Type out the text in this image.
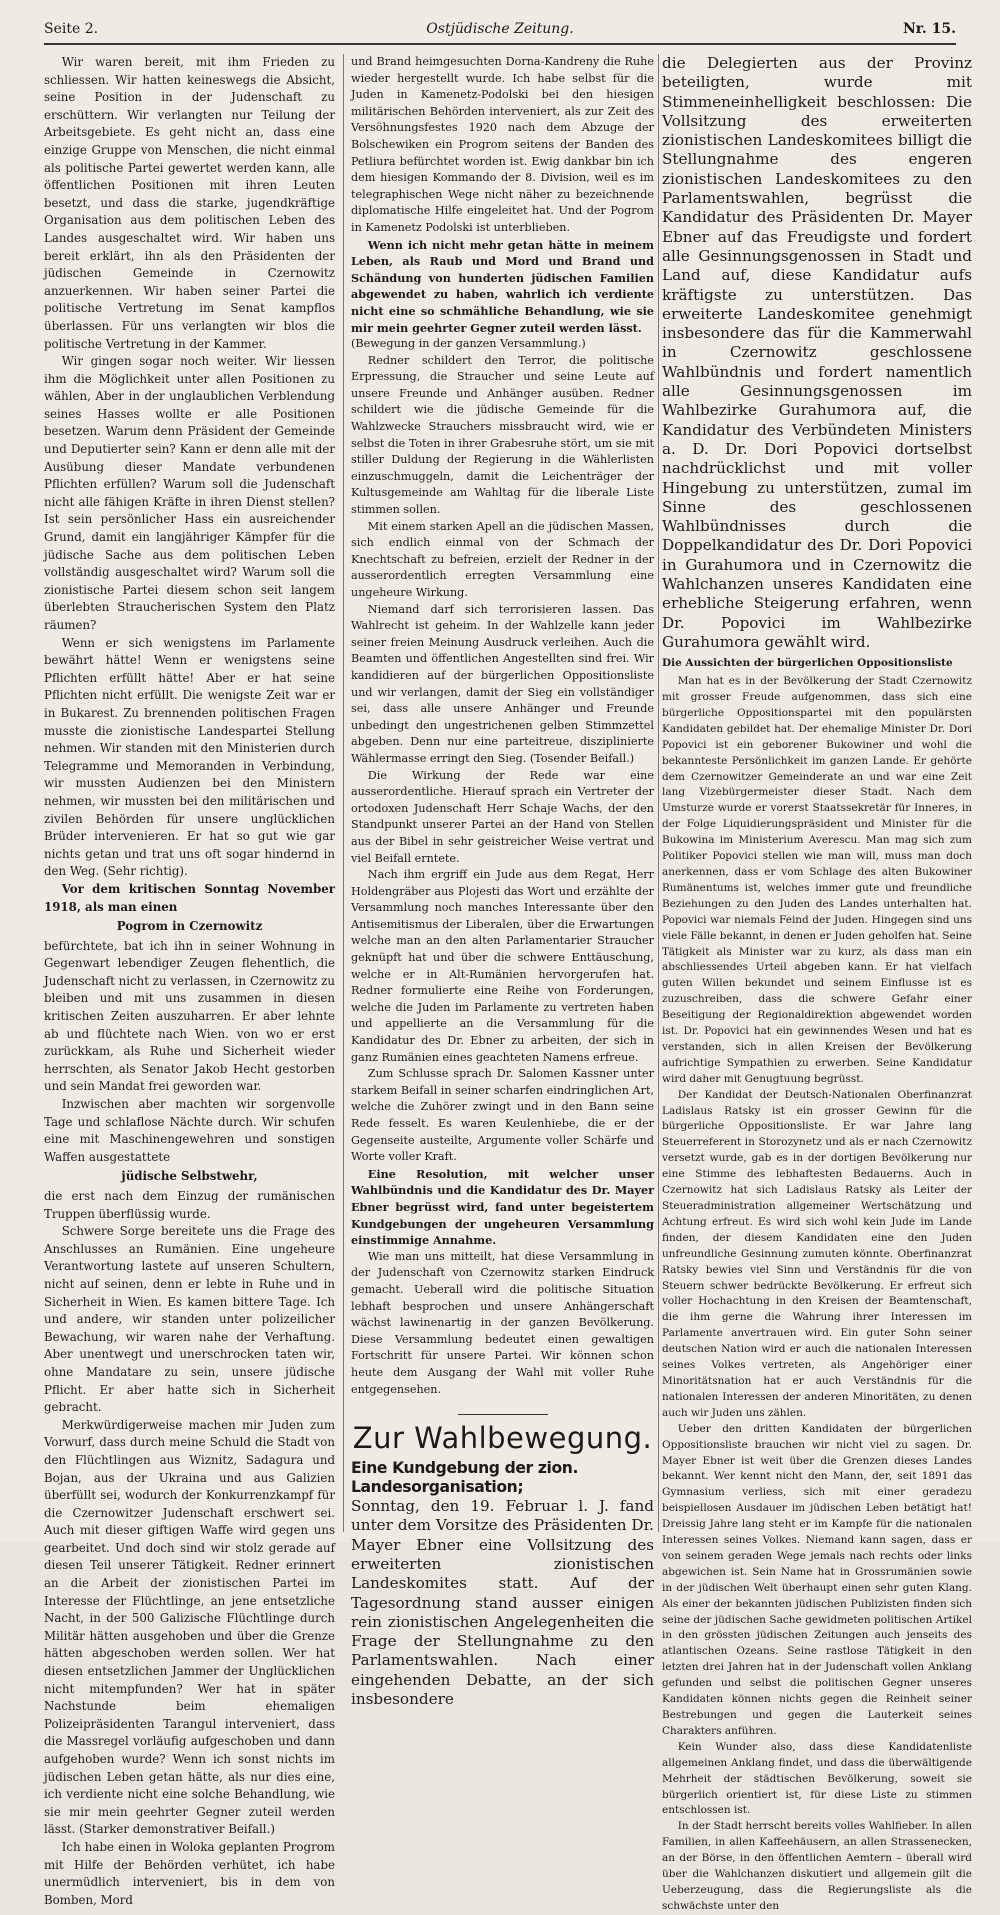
Seite 2.	Ostjüdische Zeitung.	Nr. 15.

Wir waren bereit, mit ihm Frieden zu schliessen. Wir hatten keineswegs die Absicht, seine Position in der Judenschaft zu erschüttern. Wir verlangten nur Teilung der Arbeitsgebiete. Es geht nicht an, dass eine einzige Gruppe von Menschen, die nicht einmal als politische Partei gewertet werden kann, alle öffentlichen Positionen mit ihren Leuten besetzt, und dass die starke, jugendkräftige Organisation aus dem politischen Leben des Landes ausgeschaltet wird. Wir haben uns bereit erklärt, ihn als den Präsidenten der jüdischen Gemeinde in Czernowitz anzuerkennen. Wir haben seiner Partei die politische Vertretung im Senat kampflos überlassen. Für uns verlangten wir blos die politische Vertretung in der Kammer.

Wir gingen sogar noch weiter. Wir liessen ihm die Möglichkeit unter allen Positionen zu wählen, Aber in der unglaublichen Verblendung seines Hasses wollte er alle Positionen besetzen. Warum denn Präsident der Gemeinde und Deputierter sein? Kann er denn alle mit der Ausübung dieser Mandate verbundenen Pflichten erfüllen? Warum soll die Judenschaft nicht alle fähigen Kräfte in ihren Dienst stellen? Ist sein persönlicher Hass ein ausreichender Grund, damit ein langjähriger Kämpfer für die jüdische Sache aus dem politischen Leben vollständig ausgeschaltet wird? Warum soll die zionistische Partei diesem schon seit langem überlebten Straucherischen System den Platz räumen?

Wenn er sich wenigstens im Parlamente bewährt hätte! Wenn er wenigstens seine Pflichten erfüllt hätte! Aber er hat seine Pflichten nicht erfüllt. Die wenigste Zeit war er in Bukarest. Zu brennenden politischen Fragen musste die zionistische Landespartei Stellung nehmen. Wir standen mit den Ministerien durch Telegramme und Memoranden in Verbindung, wir mussten Audienzen bei den Ministern nehmen, wir mussten bei den militärischen und zivilen Behörden für unsere unglücklichen Brüder intervenieren. Er hat so gut wie gar nichts getan und trat uns oft sogar hindernd in den Weg. (Sehr richtig).

Vor dem kritischen Sonntag November 1918, als man einen

Pogrom in Czernowitz

befürchtete, bat ich ihn in seiner Wohnung in Gegenwart lebendiger Zeugen flehentlich, die Judenschaft nicht zu verlassen, in Czernowitz zu bleiben und mit uns zusammen in diesen kritischen Zeiten auszuharren. Er aber lehnte ab und flüchtete nach Wien. von wo er erst zurückkam, als Ruhe und Sicherheit wieder herrschten, als Senator Jakob Hecht gestorben und sein Mandat frei geworden war.

Inzwischen aber machten wir sorgenvolle Tage und schlaflose Nächte durch. Wir schufen eine mit Maschinengewehren und sonstigen Waffen ausgestattete

jüdische Selbstwehr,

die erst nach dem Einzug der rumänischen Truppen überflüssig wurde.

Schwere Sorge bereitete uns die Frage des Anschlusses an Rumänien. Eine ungeheure Verantwortung lastete auf unseren Schultern, nicht auf seinen, denn er lebte in Ruhe und in Sicherheit in Wien. Es kamen bittere Tage. Ich und andere, wir standen unter polizeilicher Bewachung, wir waren nahe der Verhaftung. Aber unentwegt und unerschrocken taten wir, ohne Mandatare zu sein, unsere jüdische Pflicht. Er aber hatte sich in Sicherheit gebracht.

Merkwürdigerweise machen mir Juden zum Vorwurf, dass durch meine Schuld die Stadt von den Flüchtlingen aus Wiznitz, Sadagura und Bojan, aus der Ukraina und aus Galizien überfüllt sei, wodurch der Konkurrenzkampf für die Czernowitzer Judenschaft erschwert sei. Auch mit dieser giftigen Waffe wird gegen uns gearbeitet. Und doch sind wir stolz gerade auf diesen Teil unserer Tätigkeit. Redner erinnert an die Arbeit der zionistischen Partei im Interesse der Flüchtlinge, an jene entsetzliche Nacht, in der 500 Galizische Flüchtlinge durch Militär hätten ausgehoben und über die Grenze hätten abgeschoben werden sollen. Wer hat diesen entsetzlichen Jammer der Unglücklichen nicht mitempfunden? Wer hat in später Nachstunde beim ehemaligen Polizeipräsidenten Tarangul interveniert, dass die Massregel vorläufig aufgeschoben und dann aufgehoben wurde? Wenn ich sonst nichts im jüdischen Leben getan hätte, als nur dies eine, ich verdiente nicht eine solche Behandlung, wie sie mir mein geehrter Gegner zuteil werden lässt. (Starker demonstrativer Beifall.)

Ich habe einen in Woloka geplanten Progrom mit Hilfe der Behörden verhütet, ich habe unermüdlich interveniert, bis in dem von Bomben, Mord

und Brand heimgesuchten Dorna-Kandreny die Ruhe wieder hergestellt wurde. Ich habe selbst für die Juden in Kamenetz-Podolski bei den hiesigen militärischen Behörden interveniert, als zur Zeit des Versöhnungsfestes 1920 nach dem Abzuge der Bolschewiken ein Progrom seitens der Banden des Petliura befürchtet worden ist. Ewig dankbar bin ich dem hiesigen Kommando der 8. Division, weil es im telegraphischen Wege nicht näher zu bezeichnende diplomatische Hilfe eingeleitet hat. Und der Pogrom in Kamenetz Podolski ist unterblieben.

Wenn ich nicht mehr getan hätte in meinem Leben, als Raub und Mord und Brand und Schändung von hunderten jüdischen Familien abgewendet zu haben, wahrlich ich verdiente nicht eine so schmähliche Behandlung, wie sie mir mein geehrter Gegner zuteil werden lässt.

(Bewegung in der ganzen Versammlung.)

Redner schildert den Terror, die politische Erpressung, die Straucher und seine Leute auf unsere Freunde und Anhänger ausüben. Redner schildert wie die jüdische Gemeinde für die Wahlzwecke Strauchers missbraucht wird, wie er selbst die Toten in ihrer Grabesruhe stört, um sie mit stiller Duldung der Regierung in die Wählerlisten einzuschmuggeln, damit die Leichenträger der Kultusgemeinde am Wahltag für die liberale Liste stimmen sollen.

Mit einem starken Apell an die jüdischen Massen, sich endlich einmal von der Schmach der Knechtschaft zu befreien, erzielt der Redner in der ausserordentlich erregten Versammlung eine ungeheure Wirkung.

Niemand darf sich terrorisieren lassen. Das Wahlrecht ist geheim. In der Wahlzelle kann jeder seiner freien Meinung Ausdruck verleihen. Auch die Beamten und öffentlichen Angestellten sind frei. Wir kandidieren auf der bürgerlichen Oppositionsliste und wir verlangen, damit der Sieg ein vollständiger sei, dass alle unsere Anhänger und Freunde unbedingt den ungestrichenen gelben Stimmzettel abgeben. Denn nur eine parteitreue, disziplinierte Wählermasse erringt den Sieg. (Tosender Beifall.)

Die Wirkung der Rede war eine ausserordentliche. Hierauf sprach ein Vertreter der ortodoxen Judenschaft Herr Schaje Wachs, der den Standpunkt unserer Partei an der Hand von Stellen aus der Bibel in sehr geistreicher Weise vertrat und viel Beifall erntete.

Nach ihm ergriff ein Jude aus dem Regat, Herr Holdengräber aus Plojesti das Wort und erzählte der Versammlung noch manches Interessante über den Antisemitismus der Liberalen, über die Erwartungen welche man an den alten Parlamentarier Straucher geknüpft hat und über die schwere Enttäuschung, welche er in Alt-Rumänien hervorgerufen hat. Redner formulierte eine Reihe von Forderungen, welche die Juden im Parlamente zu vertreten haben und appellierte an die Versammlung für die Kandidatur des Dr. Ebner zu arbeiten, der sich in ganz Rumänien eines geachteten Namens erfreue.

Zum Schlusse sprach Dr. Salomen Kassner unter starkem Beifall in seiner scharfen eindringlichen Art, welche die Zuhörer zwingt und in den Bann seine Rede fesselt. Es waren Keulenhiebe, die er der Gegenseite austeilte, Argumente voller Schärfe und Worte voller Kraft.

Eine Resolution, mit welcher unser Wahlbündnis und die Kandidatur des Dr. Mayer Ebner begrüsst wird, fand unter begeistertem Kundgebungen der ungeheuren Versammlung einstimmige Annahme.

Wie man uns mitteilt, hat diese Versammlung in der Judenschaft von Czernowitz starken Eindruck gemacht. Ueberall wird die politische Situation lebhaft besprochen und unsere Anhängerschaft wächst lawinenartig in der ganzen Bevölkerung. Diese Versammlung bedeutet einen gewaltigen Fortschritt für unsere Partei. Wir können schon heute dem Ausgang der Wahl mit voller Ruhe entgegensehen.

Zur Wahlbewegung.

Eine Kundgebung der zion. Landesorganisation;

Sonntag, den 19. Februar l. J. fand unter dem Vorsitze des Präsidenten Dr. Mayer Ebner eine Vollsitzung des erweiterten zionistischen Landeskomites statt. Auf der Tagesordnung stand ausser einigen rein zionistischen Angelegenheiten die Frage der Stellungnahme zu den Parlamentswahlen. Nach einer eingehenden Debatte, an der sich insbesondere

die Delegierten aus der Provinz beteiligten, wurde mit Stimmeneinhelligkeit beschlossen: Die Vollsitzung des erweiterten zionistischen Landeskomitees billigt die Stellungnahme des engeren zionistischen Landeskomitees zu den Parlamentswahlen, begrüsst die Kandidatur des Präsidenten Dr. Mayer Ebner auf das Freudigste und fordert alle Gesinnungsgenossen in Stadt und Land auf, diese Kandidatur aufs kräftigste zu unterstützen. Das erweiterte Landeskomitee genehmigt insbesondere das für die Kammerwahl in Czernowitz geschlossene Wahlbündnis und fordert namentlich alle Gesinnungsgenossen im Wahlbezirke Gurahumora auf, die Kandidatur des Verbündeten Ministers a. D. Dr. Dori Popovici dortselbst nachdrücklichst und mit voller Hingebung zu unterstützen, zumal im Sinne des geschlossenen Wahlbündnisses durch die Doppelkandidatur des Dr. Dori Popovici in Gurahumora und in Czernowitz die Wahlchanzen unseres Kandidaten eine erhebliche Steigerung erfahren, wenn Dr. Popovici im Wahlbezirke Gurahumora gewählt wird.

Die Aussichten der bürgerlichen Oppositionsliste

Man hat es in der Bevölkerung der Stadt Czernowitz mit grosser Freude aufgenommen, dass sich eine bürgerliche Oppositionspartei mit den populärsten Kandidaten gebildet hat. Der ehemalige Minister Dr. Dori Popovici ist ein geborener Bukowiner und wohl die bekannteste Persönlichkeit im ganzen Lande. Er gehörte dem Czernowitzer Gemeinderate an und war eine Zeit lang Vizebürgermeister dieser Stadt. Nach dem Umsturze wurde er vorerst Staatssekretär für Inneres, in der Folge Liquidierungspräsident und Minister für die Bukowina im Ministerium Averescu. Man mag sich zum Politiker Popovici stellen wie man will, muss man doch anerkennen, dass er vom Schlage des alten Bukowiner Rumänentums ist, welches immer gute und freundliche Beziehungen zu den Juden des Landes unterhalten hat. Popovici war niemals Feind der Juden. Hingegen sind uns viele Fälle bekannt, in denen er Juden geholfen hat. Seine Tätigkeit als Minister war zu kurz, als dass man ein abschliessendes Urteil abgeben kann. Er hat vielfach guten Willen bekundet und seinem Einflusse ist es zuzuschreiben, dass die schwere Gefahr einer Beseitigung der Regionaldirektion abgewendet worden ist. Dr. Popovici hat ein gewinnendes Wesen und hat es verstanden, sich in allen Kreisen der Bevölkerung aufrichtige Sympathien zu erwerben. Seine Kandidatur wird daher mit Genugtuung begrüsst.

Der Kandidat der Deutsch-Nationalen Oberfinanzrat Ladislaus Ratsky ist ein grosser Gewinn für die bürgerliche Oppositionsliste. Er war Jahre lang Steuerreferent in Storozynetz und als er nach Czernowitz versetzt wurde, gab es in der dortigen Bevölkerung nur eine Stimme des lebhaftesten Bedauerns. Auch in Czernowitz hat sich Ladislaus Ratsky als Leiter der Steueradministration allgemeiner Wertschätzung und Achtung erfreut. Es wird sich wohl kein Jude im Lande finden, der diesem Kandidaten eine den Juden unfreundliche Gesinnung zumuten könnte. Oberfinanzrat Ratsky bewies viel Sinn und Verständnis für die von Steuern schwer bedrückte Bevölkerung. Er erfreut sich voller Hochachtung in den Kreisen der Beamtenschaft, die ihm gerne die Wahrung ihrer Interessen im Parlamente anvertrauen wird. Ein guter Sohn seiner deutschen Nation wird er auch die nationalen Interessen seines Volkes vertreten, als Angehöriger einer Minoritätsnation hat er auch Verständnis für die nationalen Interessen der anderen Minoritäten, zu denen auch wir Juden uns zählen.

Ueber den dritten Kandidaten der bürgerlichen Oppositionsliste brauchen wir nicht viel zu sagen. Dr. Mayer Ebner ist weit über die Grenzen dieses Landes bekannt. Wer kennt nicht den Mann, der, seit 1891 das Gymnasium verliess, sich mit einer geradezu beispiellosen Ausdauer im jüdischen Leben betätigt hat! Dreissig Jahre lang steht er im Kampfe für die nationalen Interessen seines Volkes. Niemand kann sagen, dass er von seinem geraden Wege jemals nach rechts oder links abgewichen ist. Sein Name hat in Grossrumänien sowie in der jüdischen Welt überhaupt einen sehr guten Klang. Als einer der bekannten jüdischen Publizisten finden sich seine der jüdischen Sache gewidmeten politischen Artikel in den grössten jüdischen Zeitungen auch jenseits des atlantischen Ozeans. Seine rastlose Tätigkeit in den letzten drei Jahren hat in der Judenschaft vollen Anklang gefunden und selbst die politischen Gegner unseres Kandidaten können nichts gegen die Reinheit seiner Bestrebungen und gegen die Lauterkeit seines Charakters anführen.

Kein Wunder also, dass diese Kandidatenliste allgemeinen Anklang findet, und dass die überwältigende Mehrheit der städtischen Bevölkerung, soweit sie bürgerlich orientiert ist, für diese Liste zu stimmen entschlossen ist.

In der Stadt herrscht bereits volles Wahlfieber. In allen Familien, in allen Kaffeehäusern, an allen Strassenecken, an der Börse, in den öffentlichen Aemtern – überall wird über die Wahlchanzen diskutiert und allgemein gilt die Ueberzeugung, dass die Regierungsliste als die schwächste unter den
